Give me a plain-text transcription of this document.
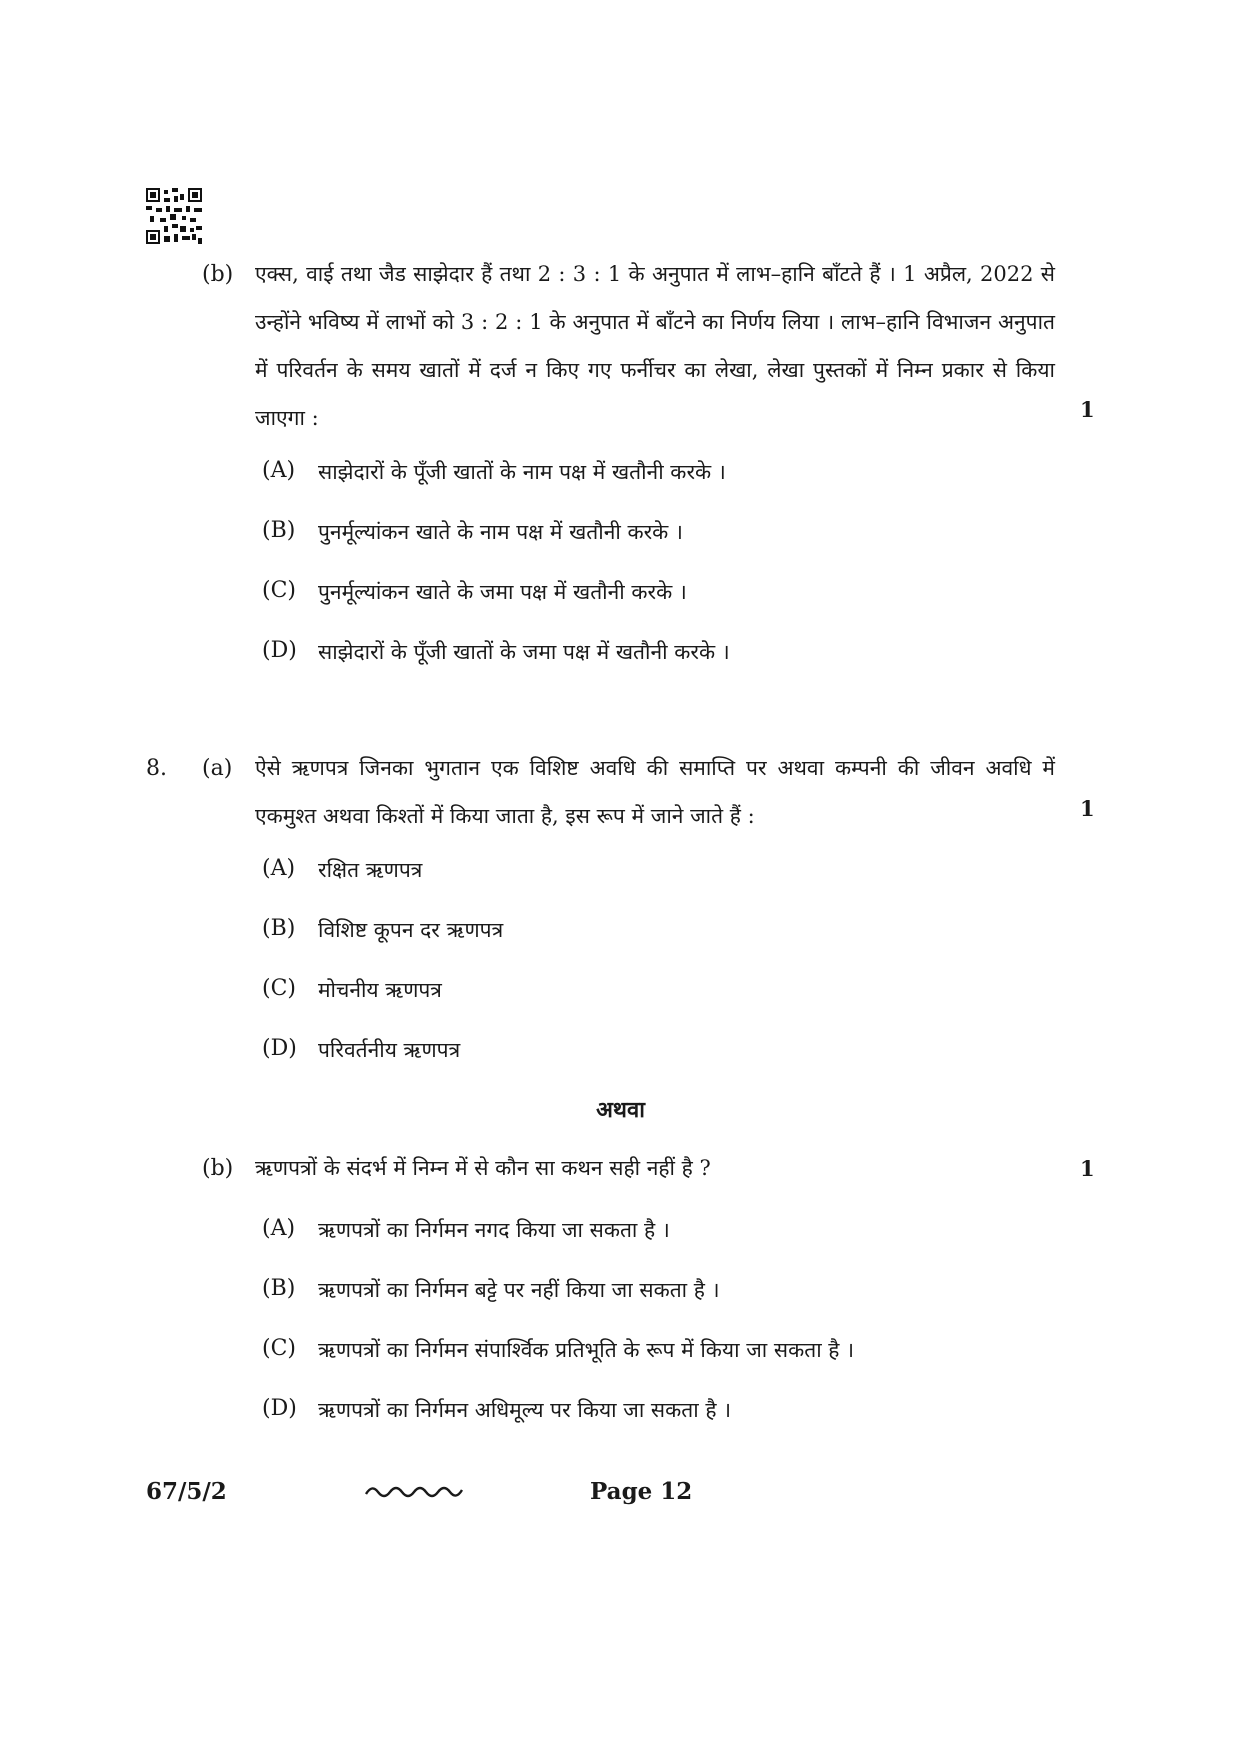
(b) एक्स, वाई तथा जैड साझेदार हैं तथा 2 : 3 : 1 के अनुपात में लाभ–हानि बाँटते हैं । 1 अप्रैल, 2022 से उन्होंने भविष्य में लाभों को 3 : 2 : 1 के अनुपात में बाँटने का निर्णय लिया । लाभ–हानि विभाजन अनुपात में परिवर्तन के समय खातों में दर्ज न किए गए फर्नीचर का लेखा, लेखा पुस्तकों में निम्न प्रकार से किया जाएगा :	1
(A) साझेदारों के पूँजी खातों के नाम पक्ष में खतौनी करके ।
(B) पुनर्मूल्यांकन खाते के नाम पक्ष में खतौनी करके ।
(C) पुनर्मूल्यांकन खाते के जमा पक्ष में खतौनी करके ।
(D) साझेदारों के पूँजी खातों के जमा पक्ष में खतौनी करके ।
8. (a) ऐसे ऋणपत्र जिनका भुगतान एक विशिष्ट अवधि की समाप्ति पर अथवा कम्पनी की जीवन अवधि में एकमुश्त अथवा किश्तों में किया जाता है, इस रूप में जाने जाते हैं :	1
(A) रक्षित ऋणपत्र
(B) विशिष्ट कूपन दर ऋणपत्र
(C) मोचनीय ऋणपत्र
(D) परिवर्तनीय ऋणपत्र
अथवा
(b) ऋणपत्रों के संदर्भ में निम्न में से कौन सा कथन सही नहीं है ?	1
(A) ऋणपत्रों का निर्गमन नगद किया जा सकता है ।
(B) ऋणपत्रों का निर्गमन बट्टे पर नहीं किया जा सकता है ।
(C) ऋणपत्रों का निर्गमन संपार्श्विक प्रतिभूति के रूप में किया जा सकता है ।
(D) ऋणपत्रों का निर्गमन अधिमूल्य पर किया जा सकता है ।
67/5/2	Page 12
